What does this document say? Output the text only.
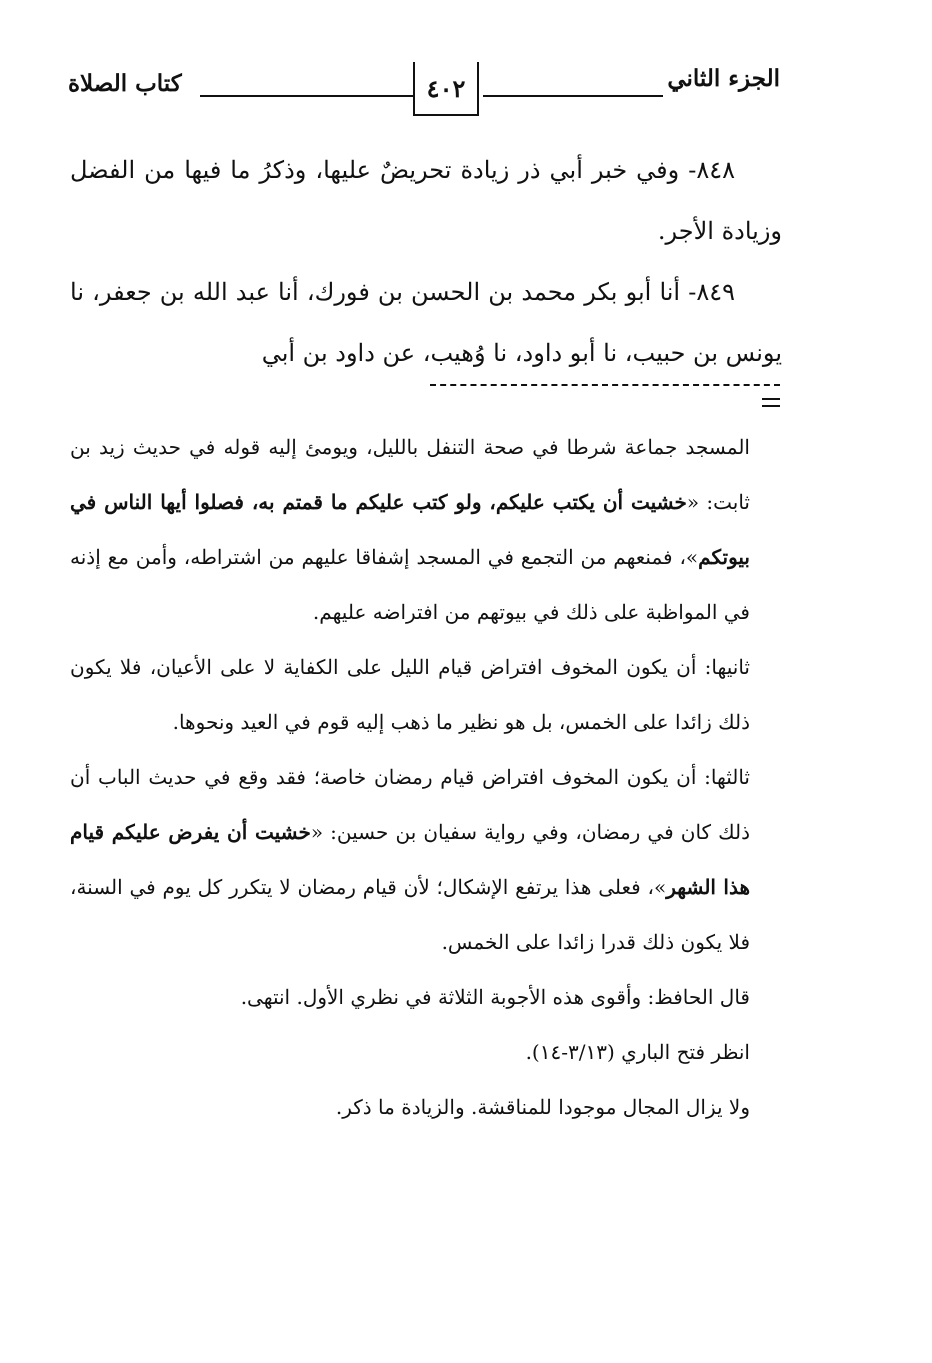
الجزء الثاني
٤٠٢
كتاب الصلاة

٨٤٨- وفي خبر أبي ذر زيادة تحريضٌ عليها، وذكرُ ما فيها من الفضل وزيادة الأجر.

٨٤٩- أنا أبو بكر محمد بن الحسن بن فورك، أنا عبد الله بن جعفر، نا يونس بن حبيب، نا أبو داود، نا وُهيب، عن داود بن أبي

المسجد جماعة شرطا في صحة التنفل بالليل، ويومئ إليه قوله في حديث زيد بن ثابت: «خشيت أن يكتب عليكم، ولو كتب عليكم ما قمتم به، فصلوا أيها الناس في بيوتكم»، فمنعهم من التجمع في المسجد إشفاقا عليهم من اشتراطه، وأمن مع إذنه في المواظبة على ذلك في بيوتهم من افتراضه عليهم.

ثانيها: أن يكون المخوف افتراض قيام الليل على الكفاية لا على الأعيان، فلا يكون ذلك زائدا على الخمس، بل هو نظير ما ذهب إليه قوم في العيد ونحوها.

ثالثها: أن يكون المخوف افتراض قيام رمضان خاصة؛ فقد وقع في حديث الباب أن ذلك كان في رمضان، وفي رواية سفيان بن حسين: «خشيت أن يفرض عليكم قيام هذا الشهر»، فعلى هذا يرتفع الإشكال؛ لأن قيام رمضان لا يتكرر كل يوم في السنة، فلا يكون ذلك قدرا زائدا على الخمس.

قال الحافظ: وأقوى هذه الأجوبة الثلاثة في نظري الأول. انتهى.

انظر فتح الباري (٣/١٣-١٤).

ولا يزال المجال موجودا للمناقشة. والزيادة ما ذكر.
